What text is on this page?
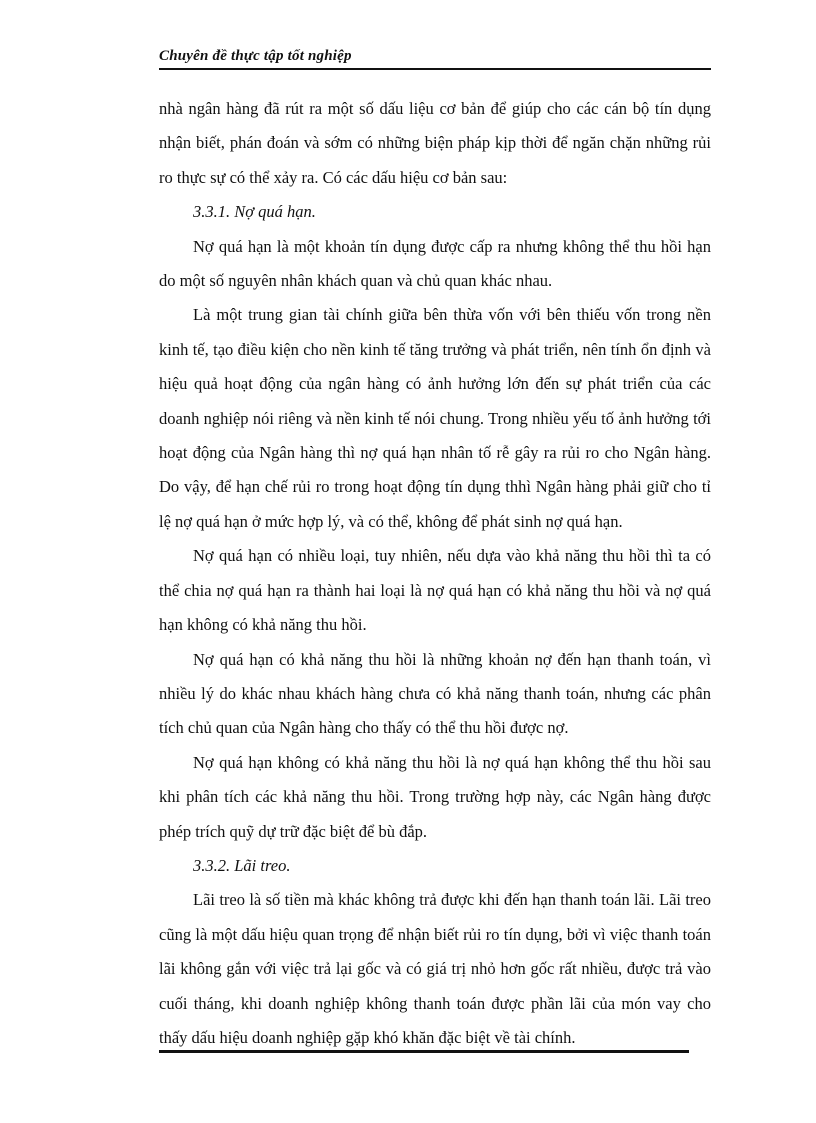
Chuyên đề thực tập tốt nghiệp

nhà ngân hàng đã rút ra một số dấu liệu cơ bản để giúp cho các cán bộ tín dụng nhận biết, phán đoán và sớm có những biện pháp kịp thời để ngăn chặn những rủi ro thực sự có thể xảy ra. Có các dấu hiệu cơ bản sau:

3.3.1. Nợ quá hạn.

Nợ quá hạn là một khoản tín dụng được cấp ra nhưng không thể thu hồi hạn do một số nguyên nhân khách quan và chủ quan khác nhau.

Là một trung gian tài chính giữa bên thừa vốn với bên thiếu vốn trong nền kinh tế, tạo điều kiện cho nền kinh tế tăng trưởng và phát triển, nên tính ổn định và hiệu quả hoạt động của ngân hàng có ảnh hưởng lớn đến sự phát triển của các doanh nghiệp nói riêng và nền kinh tế nói chung. Trong nhiều yếu tố ảnh hưởng tới hoạt động của Ngân hàng thì nợ quá hạn nhân tố rễ gây ra rủi ro cho Ngân hàng. Do vậy, để hạn chế rủi ro trong hoạt động tín dụng thhì Ngân hàng phải giữ cho tỉ lệ nợ quá hạn ở mức hợp lý, và có thể, không để phát sinh nợ quá hạn.

Nợ quá hạn có nhiều loại, tuy nhiên, nếu dựa vào khả năng thu hồi thì ta có thể chia nợ quá hạn ra thành hai loại là nợ quá hạn có khả năng thu hồi và nợ quá hạn không có khả năng thu hồi.

Nợ quá hạn có khả năng thu hồi là những khoản nợ đến hạn thanh toán, vì nhiều lý do khác nhau khách hàng chưa có khả năng thanh toán, nhưng các phân tích chủ quan của Ngân hàng cho thấy có thể thu hồi được nợ.

Nợ quá hạn không có khả năng thu hồi là nợ quá hạn không thể thu hồi sau khi phân tích các khả năng thu hồi. Trong trường hợp này, các Ngân hàng được phép trích quỹ dự trữ đặc biệt để bù đắp.

3.3.2. Lãi treo.

Lãi treo là số tiền mà khác không trả được khi đến hạn thanh toán lãi. Lãi treo cũng là một dấu hiệu quan trọng để nhận biết rủi ro tín dụng, bởi vì việc thanh toán lãi không gắn với việc trả lại gốc và có giá trị nhỏ hơn gốc rất nhiều, được trả vào cuối tháng, khi doanh nghiệp không thanh toán được phần lãi của món vay cho thấy dấu hiệu doanh nghiệp gặp khó khăn đặc biệt về tài chính.
